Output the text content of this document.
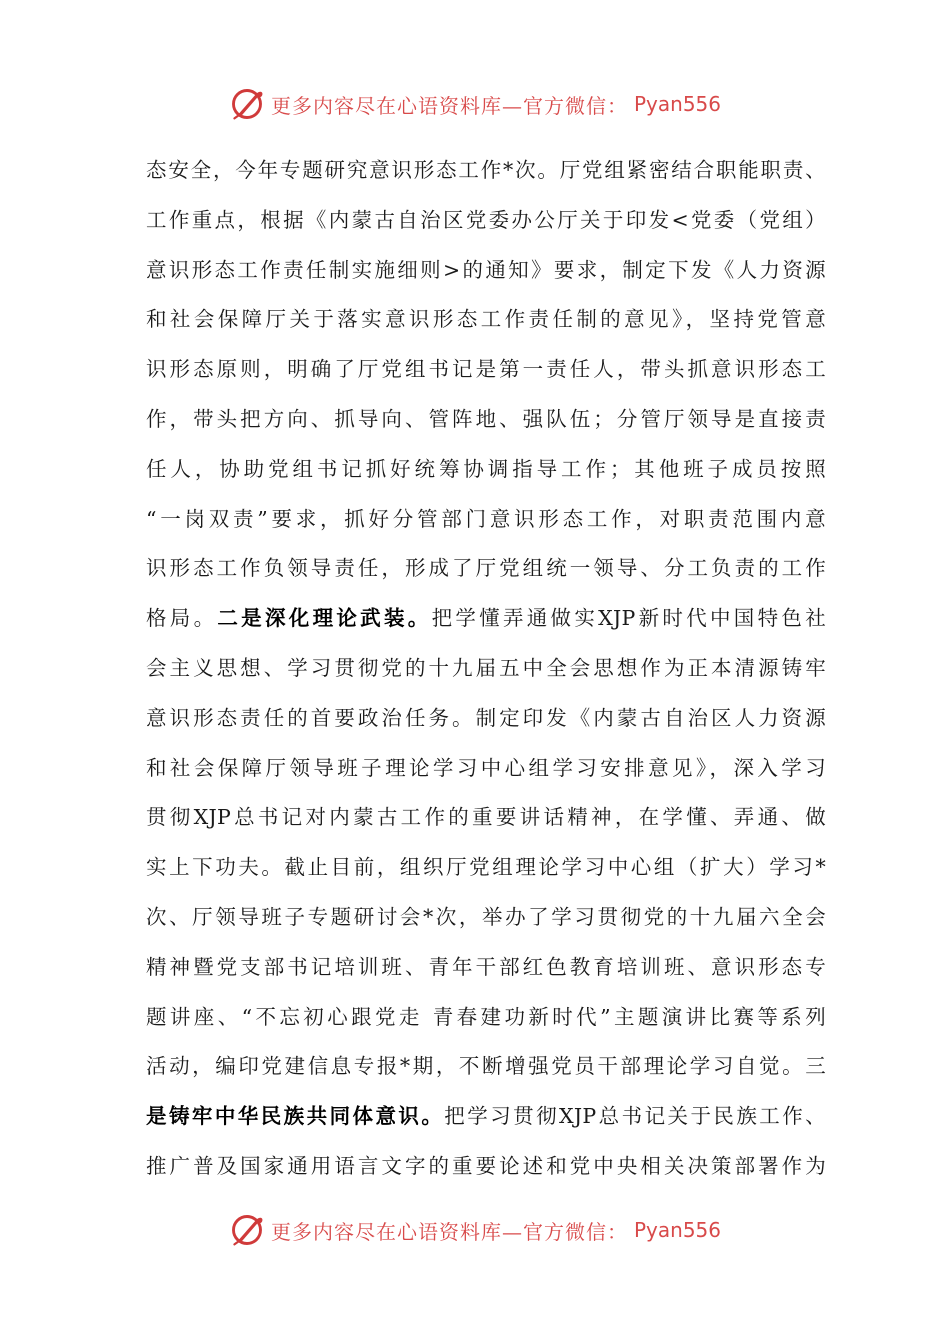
更多内容尽在心语资料库—官方微信： Pyan556
态安全，今年专题研究意识形态工作*次。厅党组紧密结合职能职责、
工作重点，根据《内蒙古自治区党委办公厅关于印发<党委（党组）
意识形态工作责任制实施细则>的通知》要求，制定下发《人力资源
和社会保障厅关于落实意识形态工作责任制的意见》，坚持党管意
识形态原则，明确了厅党组书记是第一责任人，带头抓意识形态工
作，带头把方向、抓导向、管阵地、强队伍；分管厅领导是直接责
任人，协助党组书记抓好统筹协调指导工作；其他班子成员按照
“一岗双责”要求，抓好分管部门意识形态工作，对职责范围内意
识形态工作负领导责任，形成了厅党组统一领导、分工负责的工作
格局。二是深化理论武装。把学懂弄通做实XJP新时代中国特色社
会主义思想、学习贯彻党的十九届五中全会思想作为正本清源铸牢
意识形态责任的首要政治任务。制定印发《内蒙古自治区人力资源
和社会保障厅领导班子理论学习中心组学习安排意见》，深入学习
贯彻XJP总书记对内蒙古工作的重要讲话精神，在学懂、弄通、做
实上下功夫。截止目前，组织厅党组理论学习中心组（扩大）学习*
次、厅领导班子专题研讨会*次，举办了学习贯彻党的十九届六全会
精神暨党支部书记培训班、青年干部红色教育培训班、意识形态专
题讲座、“不忘初心跟党走 青春建功新时代”主题演讲比赛等系列
活动，编印党建信息专报*期，不断增强党员干部理论学习自觉。三
是铸牢中华民族共同体意识。把学习贯彻XJP总书记关于民族工作、
推广普及国家通用语言文字的重要论述和党中央相关决策部署作为
更多内容尽在心语资料库—官方微信： Pyan556
